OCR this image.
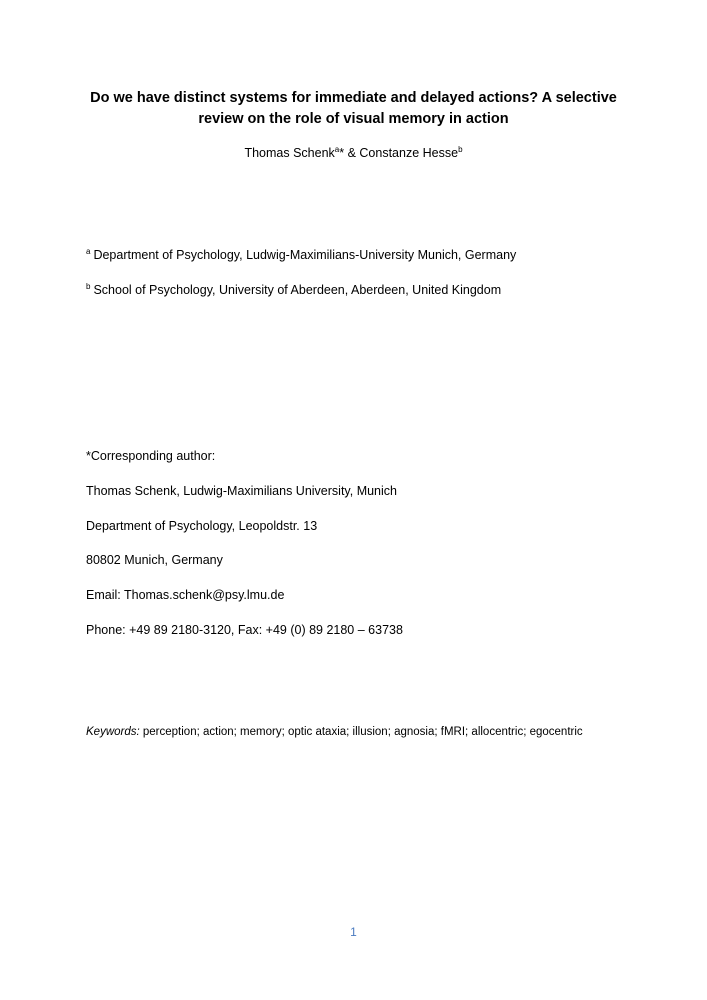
Do we have distinct systems for immediate and delayed actions? A selective
review on the role of visual memory in action
Thomas Schenk$^a$* & Constanze Hesse$^b$
$^a$ Department of Psychology, Ludwig-Maximilians-University Munich, Germany
$^b$ School of Psychology, University of Aberdeen, Aberdeen, United Kingdom
*Corresponding author:
Thomas Schenk, Ludwig-Maximilians University, Munich
Department of Psychology, Leopoldstr. 13
80802 Munich, Germany
Email: Thomas.schenk@psy.lmu.de
Phone: +49 89 2180-3120, Fax: +49 (0) 89 2180 – 63738
Keywords: perception; action; memory; optic ataxia; illusion; agnosia; fMRI; allocentric; egocentric
1
